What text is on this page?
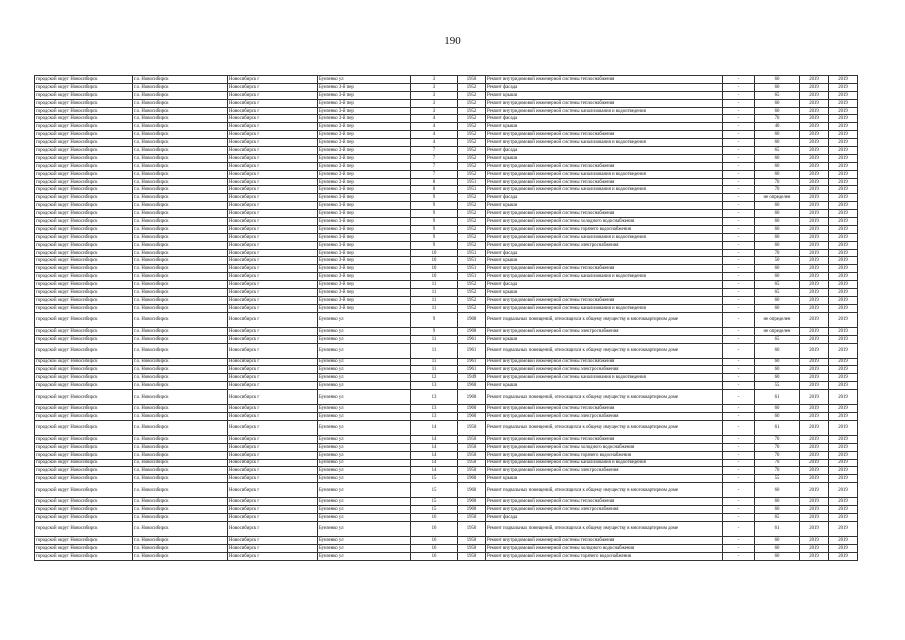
190
городской округ Новосибирск	г.о. Новосибирск	Новосибирск г	Бунзенко ул	3	1950	Ремонт внутридомовой инженерной системы теплоснабжения	-	60	2019	2019
городской округ Новосибирск	г.о. Новосибирск	Новосибирск г	Бунзенко 3-й пер	3	1952	Ремонт фасада	-	60	2019	2019
городской округ Новосибирск	г.о. Новосибирск	Новосибирск г	Бунзенко 3-й пер	3	1952	Ремонт крыши	-	65	2019	2019
городской округ Новосибирск	г.о. Новосибирск	Новосибирск г	Бунзенко 3-й пер	3	1952	Ремонт внутридомовой инженерной системы теплоснабжения	-	60	2019	2019
городской округ Новосибирск	г.о. Новосибирск	Новосибирск г	Бунзенко 3-й пер	3	1952	Ремонт внутридомовой инженерной системы канализования и водоотведения	-	60	2019	2019
городской округ Новосибирск	г.о. Новосибирск	Новосибирск г	Бунзенко 3-й пер	4	1952	Ремонт фасада	-	70	2019	2019
городской округ Новосибирск	г.о. Новосибирск	Новосибирск г	Бунзенко 3-й пер	4	1952	Ремонт крыши	-	40	2019	2019
городской округ Новосибирск	г.о. Новосибирск	Новосибирск г	Бунзенко 3-й пер	4	1952	Ремонт внутридомовой инженерной системы теплоснабжения	-	60	2019	2019
городской округ Новосибирск	г.о. Новосибирск	Новосибирск г	Бунзенко 3-й пер	4	1952	Ремонт внутридомовой инженерной системы канализования и водоотведения	-	60	2019	2019
городской округ Новосибирск	г.о. Новосибирск	Новосибирск г	Бунзенко 3-й пер	7	1952	Ремонт фасада	-	65	2019	2019
городской округ Новосибирск	г.о. Новосибирск	Новосибирск г	Бунзенко 3-й пер	7	1952	Ремонт крыши	-	60	2019	2019
городской округ Новосибирск	г.о. Новосибирск	Новосибирск г	Бунзенко 3-й пер	7	1952	Ремонт внутридомовой инженерной системы теплоснабжения	-	60	2019	2019
городской округ Новосибирск	г.о. Новосибирск	Новосибирск г	Бунзенко 3-й пер	7	1952	Ремонт внутридомовой инженерной системы канализования и водоотведения	-	60	2019	2019
городской округ Новосибирск	г.о. Новосибирск	Новосибирск г	Бунзенко 3-й пер	8	1951	Ремонт внутридомовой инженерной системы теплоснабжения	-	70	2019	2019
городской округ Новосибирск	г.о. Новосибирск	Новосибирск г	Бунзенко 3-й пер	8	1951	Ремонт внутридомовой инженерной системы канализования и водоотведения	-	70	2019	2019
городской округ Новосибирск	г.о. Новосибирск	Новосибирск г	Бунзенко 3-й пер	9	1952	Ремонт фасада	-	не определен	2019	2019
городской округ Новосибирск	г.о. Новосибирск	Новосибирск г	Бунзенко 3-й пер	9	1952	Ремонт крыши	-	60	2019	2019
городской округ Новосибирск	г.о. Новосибирск	Новосибирск г	Бунзенко 3-й пер	9	1952	Ремонт внутридомовой инженерной системы теплоснабжения	-	60	2019	2019
городской округ Новосибирск	г.о. Новосибирск	Новосибирск г	Бунзенко 3-й пер	9	1952	Ремонт внутридомовой инженерной системы холодного водоснабжения	-	60	2019	2019
городской округ Новосибирск	г.о. Новосибирск	Новосибирск г	Бунзенко 3-й пер	9	1952	Ремонт внутридомовой инженерной системы горячего водоснабжения	-	60	2019	2019
городской округ Новосибирск	г.о. Новосибирск	Новосибирск г	Бунзенко 3-й пер	9	1952	Ремонт внутридомовой инженерной системы канализования и водоотведения	-	60	2019	2019
городской округ Новосибирск	г.о. Новосибирск	Новосибирск г	Бунзенко 3-й пер	9	1952	Ремонт внутридомовой инженерной системы электроснабжения	-	60	2019	2019
городской округ Новосибирск	г.о. Новосибирск	Новосибирск г	Бунзенко 3-й пер	10	1951	Ремонт фасада	-	70	2019	2019
городской округ Новосибирск	г.о. Новосибирск	Новосибирск г	Бунзенко 3-й пер	10	1951	Ремонт крыши	-	50	2019	2019
городской округ Новосибирск	г.о. Новосибирск	Новосибирск г	Бунзенко 3-й пер	10	1951	Ремонт внутридомовой инженерной системы теплоснабжения	-	60	2019	2019
городской округ Новосибирск	г.о. Новосибирск	Новосибирск г	Бунзенко 3-й пер	10	1951	Ремонт внутридомовой инженерной системы канализования и водоотведения	-	60	2019	2019
городской округ Новосибирск	г.о. Новосибирск	Новосибирск г	Бунзенко 3-й пер	11	1952	Ремонт фасада	-	65	2019	2019
городской округ Новосибирск	г.о. Новосибирск	Новосибирск г	Бунзенко 3-й пер	11	1952	Ремонт крыши	-	65	2019	2019
городской округ Новосибирск	г.о. Новосибирск	Новосибирск г	Бунзенко 3-й пер	11	1952	Ремонт внутридомовой инженерной системы теплоснабжения	-	60	2019	2019
городской округ Новосибирск	г.о. Новосибирск	Новосибирск г	Бунзенко 3-й пер	11	1952	Ремонт внутридомовой инженерной системы канализования и водоотведения	-	60	2019	2019
городской округ Новосибирск	г.о. Новосибирск	Новосибирск г	Бунзенко ул	9	1968	Ремонт подвальных помещений, относящихся к общему имуществу в многоквартирном доме	-	не определен	2019	2019
городской округ Новосибирск	г.о. Новосибирск	Новосибирск г	Бунзенко ул	9	1968	Ремонт внутридомовой инженерной системы электроснабжения	-	не определен	2019	2019
городской округ Новосибирск	г.о. Новосибирск	Новосибирск г	Бунзенко ул	11	1961	Ремонт крыши	-	65	2019	2019
городской округ Новосибирск	г.о. Новосибирск	Новосибирск г	Бунзенко ул	11	1961	Ремонт подвальных помещений, относящихся к общему имуществу в многоквартирном доме	-	60	2019	2019
городской округ Новосибирск	г.о. Новосибирск	Новосибирск г	Бунзенко ул	11	1961	Ремонт внутридомовой инженерной системы теплоснабжения	-	60	2019	2019
городской округ Новосибирск	г.о. Новосибирск	Новосибирск г	Бунзенко ул	11	1961	Ремонт внутридомовой инженерной системы электроснабжения	-	60	2019	2019
городской округ Новосибирск	г.о. Новосибирск	Новосибирск г	Бунзенко ул	12	1949	Ремонт внутридомовой инженерной системы канализования и водоотведения	-	60	2019	2019
городской округ Новосибирск	г.о. Новосибирск	Новосибирск г	Бунзенко ул	13	1960	Ремонт крыши	-	55	2019	2019
городской округ Новосибирск	г.о. Новосибирск	Новосибирск г	Бунзенко ул	13	1960	Ремонт подвальных помещений, относящихся к общему имуществу в многоквартирном доме	-	61	2019	2019
городской округ Новосибирск	г.о. Новосибирск	Новосибирск г	Бунзенко ул	13	1960	Ремонт внутридомовой инженерной системы теплоснабжения	-	60	2019	2019
городской округ Новосибирск	г.о. Новосибирск	Новосибирск г	Бунзенко ул	13	1960	Ремонт внутридомовой инженерной системы электроснабжения	-	60	2019	2019
городской округ Новосибирск	г.о. Новосибирск	Новосибирск г	Бунзенко ул	14	1950	Ремонт подвальных помещений, относящихся к общему имуществу в многоквартирном доме	-	61	2019	2019
городской округ Новосибирск	г.о. Новосибирск	Новосибирск г	Бунзенко ул	14	1950	Ремонт внутридомовой инженерной системы теплоснабжения	-	70	2019	2019
городской округ Новосибирск	г.о. Новосибирск	Новосибирск г	Бунзенко ул	14	1950	Ремонт внутридомовой инженерной системы холодного водоснабжения	-	70	2019	2019
городской округ Новосибирск	г.о. Новосибирск	Новосибирск г	Бунзенко ул	14	1950	Ремонт внутридомовой инженерной системы горячего водоснабжения	-	70	2019	2019
городской округ Новосибирск	г.о. Новосибирск	Новосибирск г	Бунзенко ул	14	1950	Ремонт внутридомовой инженерной системы канализования и водоотведения	-	70	2019	2019
городской округ Новосибирск	г.о. Новосибирск	Новосибирск г	Бунзенко ул	14	1950	Ремонт внутридомовой инженерной системы электроснабжения	-	70	2019	2019
городской округ Новосибирск	г.о. Новосибирск	Новосибирск г	Бунзенко ул	15	1960	Ремонт крыши	-	55	2019	2019
городской округ Новосибирск	г.о. Новосибирск	Новосибирск г	Бунзенко ул	15	1960	Ремонт подвальных помещений, относящихся к общему имуществу в многоквартирном доме	-	60	2019	2019
городской округ Новосибирск	г.о. Новосибирск	Новосибирск г	Бунзенко ул	15	1960	Ремонт внутридомовой инженерной системы теплоснабжения	-	60	2019	2019
городской округ Новосибирск	г.о. Новосибирск	Новосибирск г	Бунзенко ул	15	1960	Ремонт внутридомовой инженерной системы электроснабжения	-	60	2019	2019
городской округ Новосибирск	г.о. Новосибирск	Новосибирск г	Бунзенко ул	16	1950	Ремонт фасада	-	65	2019	2019
городской округ Новосибирск	г.о. Новосибирск	Новосибирск г	Бунзенко ул	16	1950	Ремонт подвальных помещений, относящихся к общему имуществу в многоквартирном доме	-	61	2019	2019
городской округ Новосибирск	г.о. Новосибирск	Новосибирск г	Бунзенко ул	16	1950	Ремонт внутридомовой инженерной системы теплоснабжения	-	60	2019	2019
городской округ Новосибирск	г.о. Новосибирск	Новосибирск г	Бунзенко ул	16	1950	Ремонт внутридомовой инженерной системы холодного водоснабжения	-	60	2019	2019
городской округ Новосибирск	г.о. Новосибирск	Новосибирск г	Бунзенко ул	16	1950	Ремонт внутридомовой инженерной системы горячего водоснабжения	-	60	2019	2019
